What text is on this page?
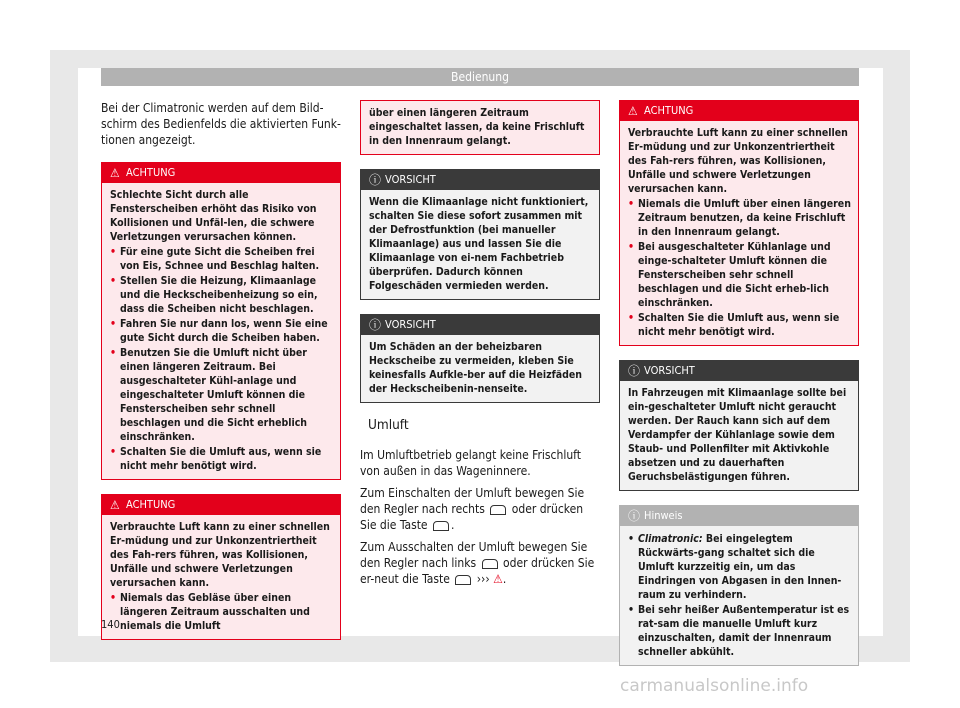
Bedienung

Bei der Climatronic werden auf dem Bild-schirm des Bedienfelds die aktivierten Funk-tionen angezeigt.

⚠ ACHTUNG
Schlechte Sicht durch alle Fensterscheiben erhöht das Risiko von Kollisionen und Unfäl-len, die schwere Verletzungen verursachen können.
• Für eine gute Sicht die Scheiben frei von Eis, Schnee und Beschlag halten.
• Stellen Sie die Heizung, Klimaanlage und die Heckscheibenheizung so ein, dass die Scheiben nicht beschlagen.
• Fahren Sie nur dann los, wenn Sie eine gute Sicht durch die Scheiben haben.
• Benutzen Sie die Umluft nicht über einen längeren Zeitraum. Bei ausgeschalteter Kühl-anlage und eingeschalteter Umluft können die Fensterscheiben sehr schnell beschlagen und die Sicht erheblich einschränken.
• Schalten Sie die Umluft aus, wenn sie nicht mehr benötigt wird.
⚠ ACHTUNG
Verbrauchte Luft kann zu einer schnellen Er-müdung und zur Unkonzentriertheit des Fah-rers führen, was Kollisionen, Unfälle und schwere Verletzungen verursachen kann.
• Niemals das Gebläse über einen längeren Zeitraum ausschalten und niemals die Umluft
über einen längeren Zeitraum eingeschaltet lassen, da keine Frischluft in den Innenraum gelangt.
ⓘ VORSICHT
Wenn die Klimaanlage nicht funktioniert, schalten Sie diese sofort zusammen mit der Defrostfunktion (bei manueller Klimaanlage) aus und lassen Sie die Klimaanlage von ei-nem Fachbetrieb überprüfen. Dadurch können Folgeschäden vermieden werden.
ⓘ VORSICHT
Um Schäden an der beheizbaren Heckscheibe zu vermeiden, kleben Sie keinesfalls Aufkle-ber auf die Heizfäden der Heckscheibenin-nenseite.
Umluft

Im Umluftbetrieb gelangt keine Frischluft von außen in das Wageninnere.

Zum Einschalten der Umluft bewegen Sie den Regler nach rechts oder drücken Sie die Taste .

Zum Ausschalten der Umluft bewegen Sie den Regler nach links oder drücken Sie er-neut die Taste ››› ⚠.

⚠ ACHTUNG
Verbrauchte Luft kann zu einer schnellen Er-müdung und zur Unkonzentriertheit des Fah-rers führen, was Kollisionen, Unfälle und schwere Verletzungen verursachen kann.
• Niemals die Umluft über einen längeren Zeitraum benutzen, da keine Frischluft in den Innenraum gelangt.
• Bei ausgeschalteter Kühlanlage und einge-schalteter Umluft können die Fensterscheiben sehr schnell beschlagen und die Sicht erheb-lich einschränken.
• Schalten Sie die Umluft aus, wenn sie nicht mehr benötigt wird.
ⓘ VORSICHT
In Fahrzeugen mit Klimaanlage sollte bei ein-geschalteter Umluft nicht geraucht werden. Der Rauch kann sich auf dem Verdampfer der Kühlanlage sowie dem Staub- und Pollenfilter mit Aktivkohle absetzen und zu dauerhaften Geruchsbelästigungen führen.
ⓘ Hinweis
• Climatronic: Bei eingelegtem Rückwärts-gang schaltet sich die Umluft kurzzeitig ein, um das Eindringen von Abgasen in den Innen-raum zu verhindern.
• Bei sehr heißer Außentemperatur ist es rat-sam die manuelle Umluft kurz einzuschalten, damit der Innenraum schneller abkühlt.
140
carmanualsonline.info
